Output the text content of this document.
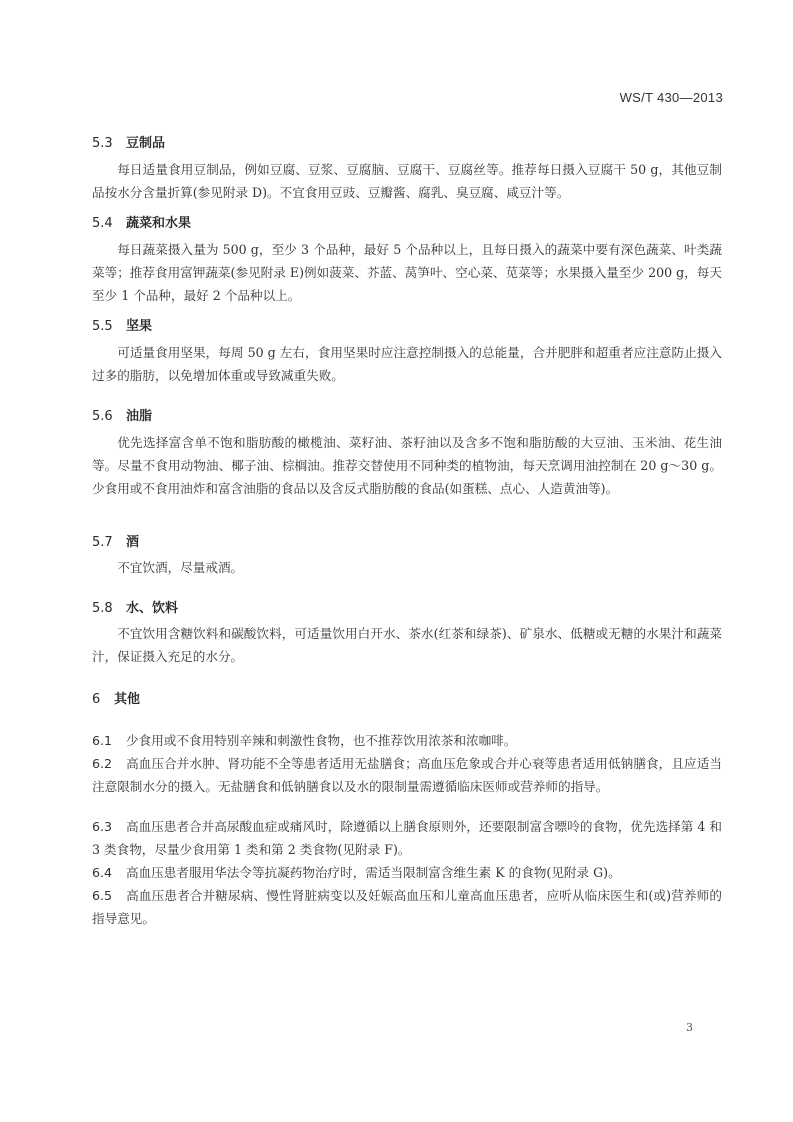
WS/T 430—2013
5.3 豆制品
每日适量食用豆制品，例如豆腐、豆浆、豆腐脑、豆腐干、豆腐丝等。推荐每日摄入豆腐干 50 g，其他豆制品按水分含量折算(参见附录 D)。不宜食用豆豉、豆瓣酱、腐乳、臭豆腐、咸豆汁等。
5.4 蔬菜和水果
每日蔬菜摄入量为 500 g，至少 3 个品种，最好 5 个品种以上，且每日摄入的蔬菜中要有深色蔬菜、叶类蔬菜等；推荐食用富钾蔬菜(参见附录 E)例如菠菜、芥蓝、莴笋叶、空心菜、苋菜等；水果摄入量至少 200 g，每天至少 1 个品种，最好 2 个品种以上。
5.5 坚果
可适量食用坚果，每周 50 g 左右，食用坚果时应注意控制摄入的总能量，合并肥胖和超重者应注意防止摄入过多的脂肪，以免增加体重或导致减重失败。
5.6 油脂
优先选择富含单不饱和脂肪酸的橄榄油、菜籽油、茶籽油以及含多不饱和脂肪酸的大豆油、玉米油、花生油等。尽量不食用动物油、椰子油、棕榈油。推荐交替使用不同种类的植物油，每天烹调用油控制在 20 g～30 g。少食用或不食用油炸和富含油脂的食品以及含反式脂肪酸的食品(如蛋糕、点心、人造黄油等)。
5.7 酒
不宜饮酒，尽量戒酒。
5.8 水、饮料
不宜饮用含糖饮料和碳酸饮料，可适量饮用白开水、茶水(红茶和绿茶)、矿泉水、低糖或无糖的水果汁和蔬菜汁，保证摄入充足的水分。
6 其他
6.1 少食用或不食用特别辛辣和刺激性食物，也不推荐饮用浓茶和浓咖啡。
6.2 高血压合并水肿、肾功能不全等患者适用无盐膳食；高血压危象或合并心衰等患者适用低钠膳食，且应适当注意限制水分的摄入。无盐膳食和低钠膳食以及水的限制量需遵循临床医师或营养师的指导。
6.3 高血压患者合并高尿酸血症或痛风时，除遵循以上膳食原则外，还要限制富含嘌呤的食物，优先选择第 4 和 3 类食物，尽量少食用第 1 类和第 2 类食物(见附录 F)。
6.4 高血压患者服用华法令等抗凝药物治疗时，需适当限制富含维生素 K 的食物(见附录 G)。
6.5 高血压患者合并糖尿病、慢性肾脏病变以及妊娠高血压和儿童高血压患者，应听从临床医生和(或)营养师的指导意见。
3
